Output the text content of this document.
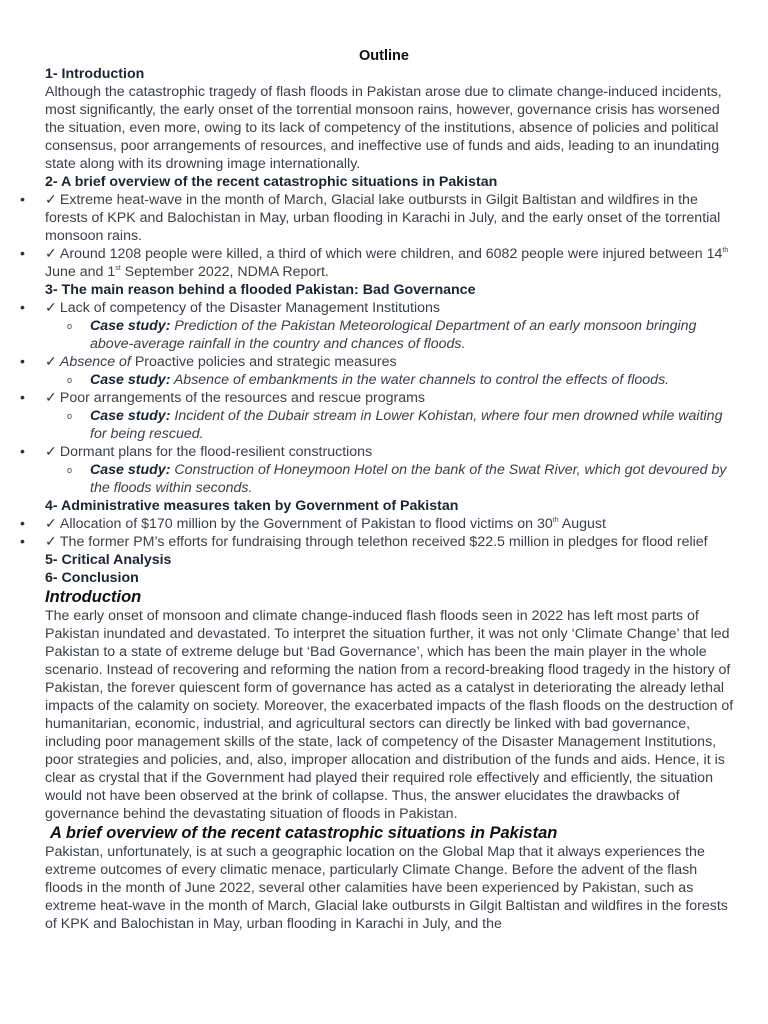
Outline
1- Introduction

Although the catastrophic tragedy of flash floods in Pakistan arose due to climate change-induced incidents, most significantly, the early onset of the torrential monsoon rains, however, governance crisis has worsened the situation, even more, owing to its lack of competency of the institutions, absence of policies and political consensus, poor arrangements of resources, and ineffective use of funds and aids, leading to an inundating state along with its drowning image internationally.

2- A brief overview of the recent catastrophic situations in Pakistan
• ✓ Extreme heat-wave in the month of March, Glacial lake outbursts in Gilgit Baltistan and wildfires in the forests of KPK and Balochistan in May, urban flooding in Karachi in July, and the early onset of the torrential monsoon rains.
• ✓ Around 1208 people were killed, a third of which were children, and 6082 people were injured between 14th June and 1st September 2022, NDMA Report.
3- The main reason behind a flooded Pakistan: Bad Governance
• ✓ Lack of competency of the Disaster Management Institutions
o Case study: Prediction of the Pakistan Meteorological Department of an early monsoon bringing above-average rainfall in the country and chances of floods.
• ✓ Absence of Proactive policies and strategic measures
o Case study: Absence of embankments in the water channels to control the effects of floods.
• ✓ Poor arrangements of the resources and rescue programs
o Case study: Incident of the Dubair stream in Lower Kohistan, where four men drowned while waiting for being rescued.
• ✓ Dormant plans for the flood-resilient constructions
o Case study: Construction of Honeymoon Hotel on the bank of the Swat River, which got devoured by the floods within seconds.
4- Administrative measures taken by Government of Pakistan
• ✓ Allocation of $170 million by the Government of Pakistan to flood victims on 30th August
• ✓ The former PM’s efforts for fundraising through telethon received $22.5 million in pledges for flood relief
5- Critical Analysis
6- Conclusion
Introduction

The early onset of monsoon and climate change-induced flash floods seen in 2022 has left most parts of Pakistan inundated and devastated. To interpret the situation further, it was not only ‘Climate Change’ that led Pakistan to a state of extreme deluge but ‘Bad Governance’, which has been the main player in the whole scenario. Instead of recovering and reforming the nation from a record-breaking flood tragedy in the history of Pakistan, the forever quiescent form of governance has acted as a catalyst in deteriorating the already lethal impacts of the calamity on society. Moreover, the exacerbated impacts of the flash floods on the destruction of humanitarian, economic, industrial, and agricultural sectors can directly be linked with bad governance, including poor management skills of the state, lack of competency of the Disaster Management Institutions, poor strategies and policies, and, also, improper allocation and distribution of the funds and aids. Hence, it is clear as crystal that if the Government had played their required role effectively and efficiently, the situation would not have been observed at the brink of collapse. Thus, the answer elucidates the drawbacks of governance behind the devastating situation of floods in Pakistan.

A brief overview of the recent catastrophic situations in Pakistan

Pakistan, unfortunately, is at such a geographic location on the Global Map that it always experiences the extreme outcomes of every climatic menace, particularly Climate Change. Before the advent of the flash floods in the month of June 2022, several other calamities have been experienced by Pakistan, such as extreme heat-wave in the month of March, Glacial lake outbursts in Gilgit Baltistan and wildfires in the forests of KPK and Balochistan in May, urban flooding in Karachi in July, and the
